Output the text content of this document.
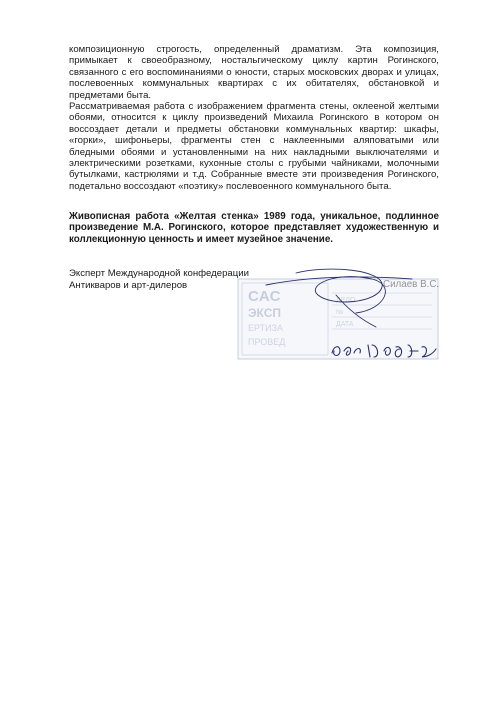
композиционную строгость, определенный драматизм. Эта композиция, примыкает к своеобразному, ностальгическому циклу картин Рогинского, связанного с его воспоминаниями о юности, старых московских дворах и улицах, послевоенных коммунальных квартирах с их обитателях, обстановкой и предметами быта.

Рассматриваемая работа с изображением фрагмента стены, оклееной желтыми обоями, относится к циклу произведений Михаила Рогинского в котором он воссоздает детали и предметы обстановки коммунальных квартир: шкафы, «горки», шифоньеры, фрагменты стен с наклеенными аляповатыми или бледными обоями и установленными на них накладными выключателями и электрическими розетками, кухонные столы с грубыми чайниками, молочными бутылками, кастрюлями и т.д. Собранные вместе эти произведения Рогинского, подетально воссоздают «поэтику» послевоенного коммунального быта.

Живописная работа «Желтая стенка» 1989 года, уникальное, подлинное произведение М.А. Рогинского, которое представляет художественную и коллекционную ценность и имеет музейное значение.

Эксперт Международной конфедерации
Антикваров и арт-дилеров
CAC
ЭКСП
ЕРТИЗА
ПРОВЕД
ДЕЛО
№
ДАТА
